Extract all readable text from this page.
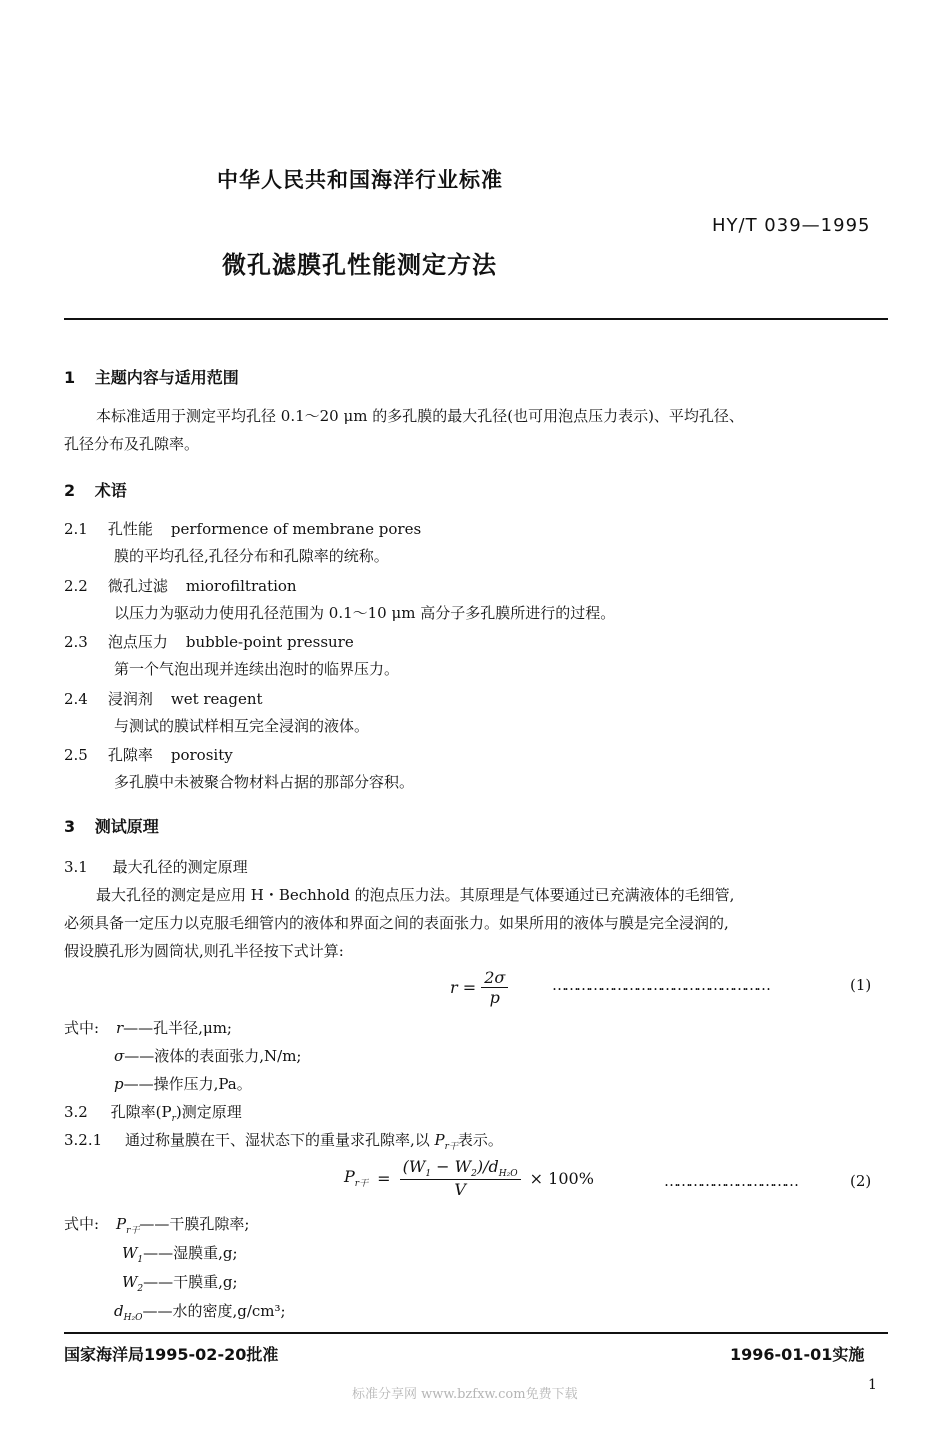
中华人民共和国海洋行业标准
HY/T 039—1995
微孔滤膜孔性能测定方法
1 主题内容与适用范围
本标准适用于测定平均孔径 0.1～20 μm 的多孔膜的最大孔径(也可用泡点压力表示)、平均孔径、
孔径分布及孔隙率。
2 术语
2.1 孔性能 performence of membrane pores
膜的平均孔径,孔径分布和孔隙率的统称。
2.2 微孔过滤 miorofiltration
以压力为驱动力使用孔径范围为 0.1～10 μm 高分子多孔膜所进行的过程。
2.3 泡点压力 bubble-point pressure
第一个气泡出现并连续出泡时的临界压力。
2.4 浸润剂 wet reagent
与测试的膜试样相互完全浸润的液体。
2.5 孔隙率 porosity
多孔膜中未被聚合物材料占据的那部分容积。
3 测试原理
3.1 最大孔径的测定原理
最大孔径的测定是应用 H・Bechhold 的泡点压力法。其原理是气体要通过已充满液体的毛细管,
必须具备一定压力以克服毛细管内的液体和界面之间的表面张力。如果所用的液体与膜是完全浸润的,
假设膜孔形为圆筒状,则孔半径按下式计算:
$r = \frac{2\sigma}{p}$	………………………………………………	(1)
式中: r——孔半径,μm;
σ——液体的表面张力,N/m;
p——操作压力,Pa。
3.2 孔隙率$(P_r)$测定原理
3.2.1 通过称量膜在干、湿状态下的重量求孔隙率,以 $P_{r干}$表示。
$P_{r干} = \frac{(W_1 - W_2)/d_{H_2O}}{V} \times 100\%$	……………………………	(2)
式中: $P_{r干}——$干膜孔隙率;
$W_1——$湿膜重,g;
$W_2——$干膜重,g;
$d_{H_2O}——$水的密度,g/cm³;
国家海洋局1995-02-20批准	1996-01-01实施
1
标准分享网 www.bzfxw.com免费下载
